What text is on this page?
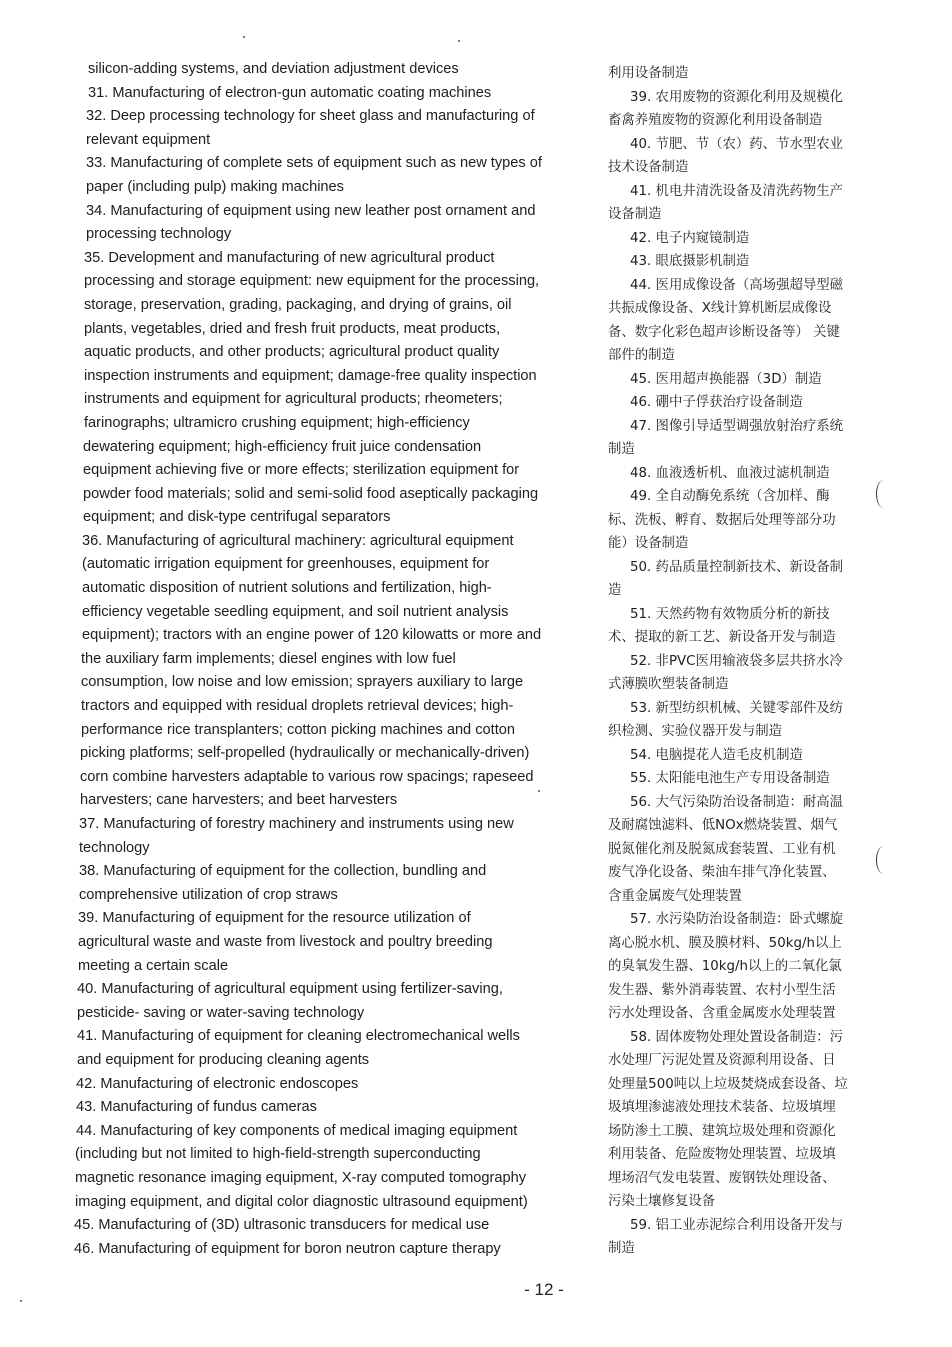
silicon-adding systems, and deviation adjustment devices

31. Manufacturing of electron-gun automatic coating machines

32. Deep processing technology for sheet glass and manufacturing of

relevant equipment

33. Manufacturing of complete sets of equipment such as new types of

paper (including pulp) making machines

34. Manufacturing of equipment using new leather post ornament and

processing technology

35. Development and manufacturing of new agricultural product

processing and storage equipment: new equipment for the processing,

storage, preservation, grading, packaging, and drying of grains, oil

plants, vegetables, dried and fresh fruit products, meat products,

aquatic products, and other products; agricultural product quality

inspection instruments and equipment; damage-free quality inspection

instruments and equipment for agricultural products; rheometers;

farinographs; ultramicro crushing equipment; high-efficiency

dewatering equipment; high-efficiency fruit juice condensation

equipment achieving five or more effects; sterilization equipment for

powder food materials; solid and semi-solid food aseptically packaging

equipment; and disk-type centrifugal separators

36. Manufacturing of agricultural machinery: agricultural equipment

(automatic irrigation equipment for greenhouses, equipment for

automatic disposition of nutrient solutions and fertilization, high-

efficiency vegetable seedling equipment, and soil nutrient analysis

equipment); tractors with an engine power of 120 kilowatts or more and

the auxiliary farm implements; diesel engines with low fuel

consumption, low noise and low emission; sprayers auxiliary to large

tractors and equipped with residual droplets retrieval devices; high-

performance rice transplanters; cotton picking machines and cotton

picking platforms; self-propelled (hydraulically or mechanically-driven)

corn combine harvesters adaptable to various row spacings; rapeseed

harvesters; cane harvesters; and beet harvesters

37. Manufacturing of forestry machinery and instruments using new

technology

38. Manufacturing of equipment for the collection, bundling and

comprehensive utilization of crop straws

39. Manufacturing of equipment for the resource utilization of

agricultural waste and waste from livestock and poultry breeding

meeting a certain scale

40. Manufacturing of agricultural equipment using fertilizer-saving,

pesticide- saving or water-saving technology

41. Manufacturing of equipment for cleaning electromechanical wells

and equipment for producing cleaning agents

42. Manufacturing of electronic endoscopes

43. Manufacturing of fundus cameras

44. Manufacturing of key components of medical imaging equipment

(including but not limited to high-field-strength superconducting

magnetic resonance imaging equipment, X-ray computed tomography

imaging equipment, and digital color diagnostic ultrasound equipment)

45. Manufacturing of (3D) ultrasonic transducers for medical use

46. Manufacturing of equipment for boron neutron capture therapy

利用设备制造

39. 农用废物的资源化利用及规模化

畜禽养殖废物的资源化利用设备制造

40. 节肥、节（农）药、节水型农业

技术设备制造

41. 机电井清洗设备及清洗药物生产

设备制造

42. 电子内窥镜制造

43. 眼底摄影机制造

44. 医用成像设备（高场强超导型磁

共振成像设备、X线计算机断层成像设

备、数字化彩色超声诊断设备等） 关键

部件的制造

45. 医用超声换能器（3D）制造

46. 硼中子俘获治疗设备制造

47. 图像引导适型调强放射治疗系统

制造

48. 血液透析机、血液过滤机制造

49. 全自动酶免系统（含加样、酶

标、洗板、孵育、数据后处理等部分功

能）设备制造

50. 药品质量控制新技术、新设备制

造

51. 天然药物有效物质分析的新技

术、提取的新工艺、新设备开发与制造

52. 非PVC医用输液袋多层共挤水冷

式薄膜吹塑装备制造

53. 新型纺织机械、关键零部件及纺

织检测、实验仪器开发与制造

54. 电脑提花人造毛皮机制造

55. 太阳能电池生产专用设备制造

56. 大气污染防治设备制造：耐高温

及耐腐蚀滤料、低NOx燃烧装置、烟气

脱氮催化剂及脱氮成套装置、工业有机

废气净化设备、柴油车排气净化装置、

含重金属废气处理装置

57. 水污染防治设备制造：卧式螺旋

离心脱水机、膜及膜材料、50kg/h以上

的臭氧发生器、10kg/h以上的二氧化氯

发生器、紫外消毒装置、农村小型生活

污水处理设备、含重金属废水处理装置

58. 固体废物处理处置设备制造：污

水处理厂污泥处置及资源利用设备、日

处理量500吨以上垃圾焚烧成套设备、垃

圾填埋渗滤液处理技术装备、垃圾填埋

场防渗土工膜、建筑垃圾处理和资源化

利用装备、危险废物处理装置、垃圾填

埋场沼气发电装置、废钢铁处理设备、

污染土壤修复设备

59. 铝工业赤泥综合利用设备开发与

制造

- 12 -
